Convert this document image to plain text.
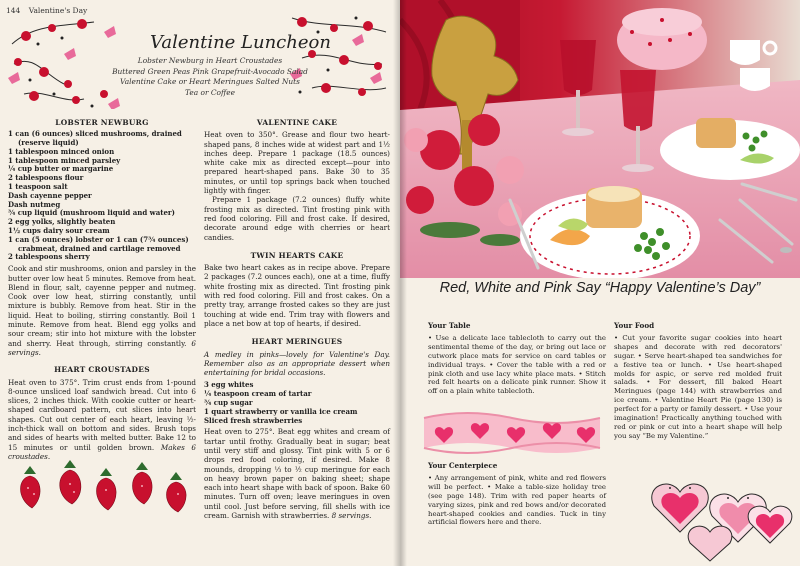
144 Valentine's Day
Valentine Luncheon
Lobster Newburg in Heart Croustades
Buttered Green Peas Pink Grapefruit-Avocado Salad
Valentine Cake or Heart Meringues Salted Nuts
Tea or Coffee
LOBSTER NEWBURG
1 can (6 ounces) sliced mushrooms, drained
(reserve liquid)
1 tablespoon minced onion
1 tablespoon minced parsley
¼ cup butter or margarine
2 tablespoons flour
1 teaspoon salt
Dash cayenne pepper
Dash nutmeg
¾ cup liquid (mushroom liquid and water)
2 egg yolks, slightly beaten
1½ cups dairy sour cream
1 can (5 ounces) lobster or 1 can (7¾ ounces)
crabmeat, drained and cartilage removed
2 tablespoons sherry

Cook and stir mushrooms, onion and parsley in the butter over low heat 5 minutes. Remove from heat. Blend in flour, salt, cayenne pepper and nutmeg. Cook over low heat, stirring constantly, until mixture is bubbly. Remove from heat. Stir in the liquid. Heat to boiling, stirring constantly. Boil 1 minute. Remove from heat. Blend egg yolks and sour cream; stir into hot mixture with the lobster and sherry. Heat through, stirring constantly. 6 servings.

HEART CROUSTADES

Heat oven to 375°. Trim crust ends from 1-pound 8-ounce unsliced loaf sandwich bread. Cut into 6 slices, 2 inches thick. With cookie cutter or heart-shaped cardboard pattern, cut slices into heart shapes. Cut out center of each heart, leaving ½-inch-thick wall on bottom and sides. Brush tops and sides of hearts with melted butter. Bake 12 to 15 minutes or until golden brown. Makes 6 croustades.

VALENTINE CAKE

Heat oven to 350°. Grease and flour two heart-shaped pans, 8 inches wide at widest part and 1½ inches deep. Prepare 1 package (18.5 ounces) white cake mix as directed except—pour into prepared heart-shaped pans. Bake 30 to 35 minutes, or until top springs back when touched lightly with finger.

Prepare 1 package (7.2 ounces) fluffy white frosting mix as directed. Tint frosting pink with red food coloring. Fill and frost cake. If desired, decorate around edge with cherries or heart candies.

TWIN HEARTS CAKE

Bake two heart cakes as in recipe above. Prepare 2 packages (7.2 ounces each), one at a time, fluffy white frosting mix as directed. Tint frosting pink with red food coloring. Fill and frost cakes. On a pretty tray, arrange frosted cakes so they are just touching at wide end. Trim tray with flowers and place a net bow at top of hearts, if desired.

HEART MERINGUES

A medley in pinks—lovely for Valentine's Day. Remember also as an appropriate dessert when entertaining for bridal occasions.

3 egg whites
¼ teaspoon cream of tartar
¾ cup sugar
1 quart strawberry or vanilla ice cream
Sliced fresh strawberries

Heat oven to 275°. Beat egg whites and cream of tartar until frothy. Gradually beat in sugar; beat until very stiff and glossy. Tint pink with 5 or 6 drops red food coloring, if desired. Make 8 mounds, dropping ⅓ to ½ cup meringue for each on heavy brown paper on baking sheet; shape each into heart shape with back of spoon. Bake 60 minutes. Turn off oven; leave meringues in oven until cool. Just before serving, fill shells with ice cream. Garnish with strawberries. 8 servings.

Red, White and Pink Say “Happy Valentine’s Day”
Your Table

• Use a delicate lace tablecloth to carry out the sentimental theme of the day, or bring out lace or cutwork place mats for service on card tables or individual trays. • Cover the table with a red or pink cloth and use lacy white place mats. • Stitch red felt hearts on a delicate pink runner. Show it off on a plain white tablecloth.

Your Centerpiece

• Any arrangement of pink, white and red flowers will be perfect. • Make a table-size holiday tree (see page 148). Trim with red paper hearts of varying sizes, pink and red bows and/or decorated heart-shaped cookies and candies. Tuck in tiny artificial flowers here and there.

Your Food

• Cut your favorite sugar cookies into heart shapes and decorate with red decorators' sugar. • Serve heart-shaped tea sandwiches for a festive tea or lunch. • Use heart-shaped molds for aspic, or serve red molded fruit salads. • For dessert, fill baked Heart Meringues (page 144) with strawberries and ice cream. • Valentine Heart Pie (page 130) is perfect for a party or family dessert. • Use your imagination! Practically anything touched with red or pink or cut into a heart shape will help you say “Be my Valentine.”
